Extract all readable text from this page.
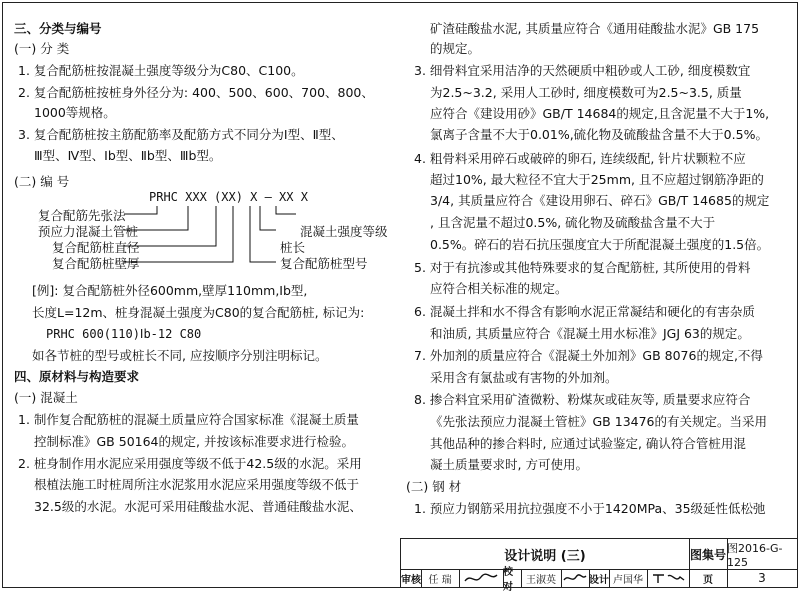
三、分类与编号
(一) 分 类
1. 复合配筋桩按混凝土强度等级分为C80、C100。
2. 复合配筋桩按桩身外径分为: 400、500、600、700、800、
1000等规格。
3. 复合配筋桩按主筋配筋率及配筋方式不同分为Ⅰ型、Ⅱ型、
Ⅲ型、Ⅳ型、Ⅰb型、Ⅱb型、Ⅲb型。
(二) 编 号
PRHC XXX (XX) X — XX X
复合配筋先张法
预应力混凝土管桩
复合配筋桩直径
复合配筋桩壁厚
混凝土强度等级
桩长
复合配筋桩型号
[例]: 复合配筋桩外径600mm,壁厚110mm,Ⅰb型,
长度L=12m、桩身混凝土强度为C80的复合配筋桩, 标记为:
PRHC 600(110)Ⅰb-12 C80
如各节桩的型号或桩长不同, 应按顺序分别注明标记。
四、原材料与构造要求
(一) 混凝土
1. 制作复合配筋桩的混凝土质量应符合国家标准《混凝土质量
控制标准》GB 50164的规定, 并按该标准要求进行检验。
2. 桩身制作用水泥应采用强度等级不低于42.5级的水泥。采用
根植法施工时桩周所注水泥浆用水泥应采用强度等级不低于
32.5级的水泥。水泥可采用硅酸盐水泥、普通硅酸盐水泥、
矿渣硅酸盐水泥, 其质量应符合《通用硅酸盐水泥》GB 175
的规定。
3. 细骨料宜采用洁净的天然硬质中粗砂或人工砂, 细度模数宜
为2.5~3.2, 采用人工砂时, 细度模数可为2.5~3.5, 质量
应符合《建设用砂》GB/T 14684的规定,且含泥量不大于1%,
氯离子含量不大于0.01%,硫化物及硫酸盐含量不大于0.5%。
4. 粗骨料采用碎石或破碎的卵石, 连续级配, 针片状颗粒不应
超过10%, 最大粒径不宜大于25mm, 且不应超过钢筋净距的
3/4, 其质量应符合《建设用卵石、碎石》GB/T 14685的规定
, 且含泥量不超过0.5%, 硫化物及硫酸盐含量不大于
0.5%。碎石的岩石抗压强度宜大于所配混凝土强度的1.5倍。
5. 对于有抗渗或其他特殊要求的复合配筋桩, 其所使用的骨料
应符合相关标准的规定。
6. 混凝土拌和水不得含有影响水泥正常凝结和硬化的有害杂质
和油质, 其质量应符合《混凝土用水标准》JGJ 63的规定。
7. 外加剂的质量应符合《混凝土外加剂》GB 8076的规定,不得
采用含有氯盐或有害物的外加剂。
8. 掺合料宜采用矿渣微粉、粉煤灰或硅灰等, 质量要求应符合
《先张法预应力混凝土管桩》GB 13476的有关规定。当采用
其他品种的掺合料时, 应通过试验鉴定, 确认符合管桩用混
凝土质量要求时, 方可使用。
(二) 钢 材
1. 预应力钢筋采用抗拉强度不小于1420MPa、35级延性低松弛
设计说明 (三)	图集号 图2016-G-125
审核 任 瑞
校对
王淑英	设计 卢国华	页	3
